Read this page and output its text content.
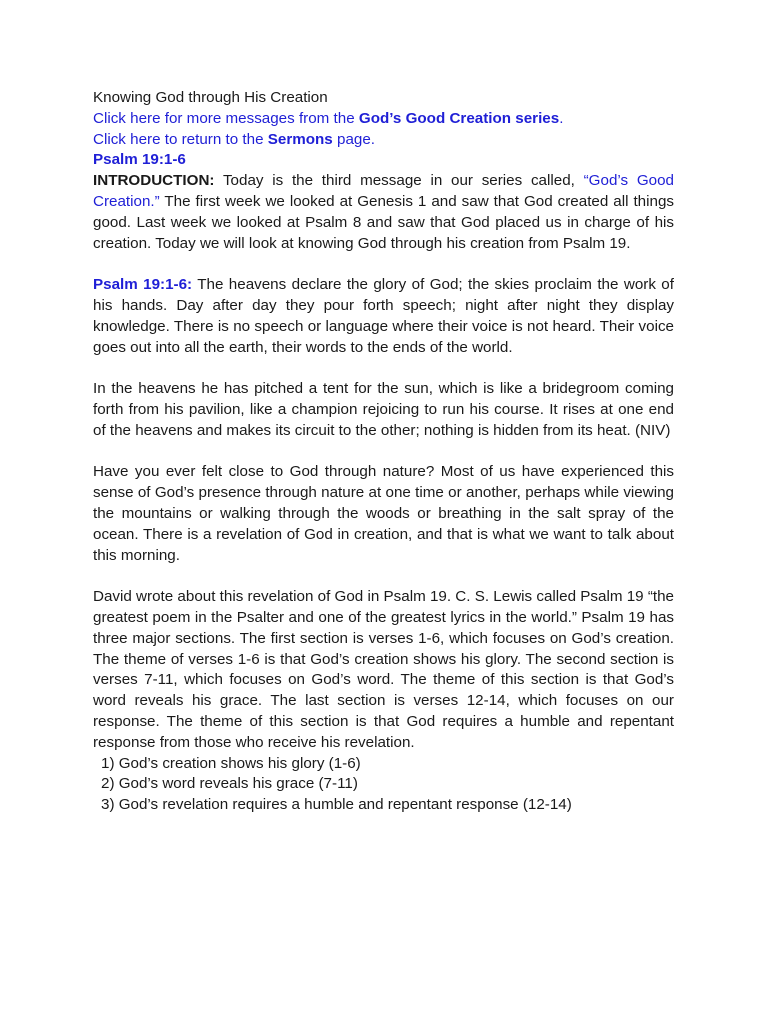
Knowing God through His Creation

Click here for more messages from the God’s Good Creation series.

Click here to return to the Sermons page.

Psalm 19:1-6

INTRODUCTION: Today is the third message in our series called, “God’s Good Creation.” The first week we looked at Genesis 1 and saw that God created all things good. Last week we looked at Psalm 8 and saw that God placed us in charge of his creation. Today we will look at knowing God through his creation from Psalm 19.

Psalm 19:1-6: The heavens declare the glory of God; the skies proclaim the work of his hands. Day after day they pour forth speech; night after night they display knowledge. There is no speech or language where their voice is not heard. Their voice goes out into all the earth, their words to the ends of the world.

In the heavens he has pitched a tent for the sun, which is like a bridegroom coming forth from his pavilion, like a champion rejoicing to run his course. It rises at one end of the heavens and makes its circuit to the other; nothing is hidden from its heat. (NIV)

Have you ever felt close to God through nature? Most of us have experienced this sense of God’s presence through nature at one time or another, perhaps while viewing the mountains or walking through the woods or breathing in the salt spray of the ocean. There is a revelation of God in creation, and that is what we want to talk about this morning.

David wrote about this revelation of God in Psalm 19. C. S. Lewis called Psalm 19 “the greatest poem in the Psalter and one of the greatest lyrics in the world.” Psalm 19 has three major sections. The first section is verses 1-6, which focuses on God’s creation. The theme of verses 1-6 is that God’s creation shows his glory. The second section is verses 7-11, which focuses on God’s word. The theme of this section is that God’s word reveals his grace. The last section is verses 12-14, which focuses on our response. The theme of this section is that God requires a humble and repentant response from those who receive his revelation.

1) God’s creation shows his glory (1-6)

2) God’s word reveals his grace (7-11)

3) God’s revelation requires a humble and repentant response (12-14)
